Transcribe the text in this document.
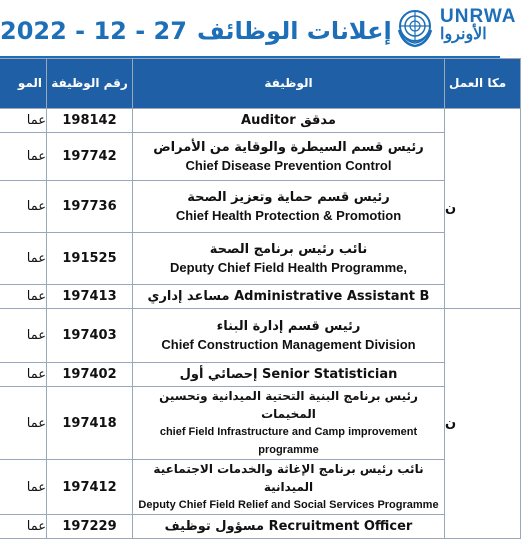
2022 - 12 - 27 إعلانات الوظائف
UNRWA
الأونروا
المو	رقم الوظيفة	الوظيفة	مكا العمل
عما	198142	Auditor مدقق	ن
عما	197742	رئيس قسم السيطرة والوقاية من الأمراض
Chief Disease Prevention Control	

عما	197736	رئيس قسم حماية وتعزيز الصحة
Chief Health Protection & Promotion	

عما	191525	نائب رئيس برنامج الصحة
Deputy Chief Field Health Programme,	

عما	197413	مساعد إداري Administrative Assistant B	

عما	197403	رئيس قسم إدارة البناء
Chief Construction Management Division	ن
عما	197402	إحصائي أول Senior Statistician	

عما	197418	رئيس برنامج البنية التحتية الميدانية وتحسين المخيمات
chief Field Infrastructure and Camp improvement programme	

عما	197412	نائب رئيس برنامج الإغاثة والخدمات الاجتماعية الميدانية
Deputy Chief Field Relief and Social Services Programme	

عما	197229	مسؤول توظيف Recruitment Officer	
